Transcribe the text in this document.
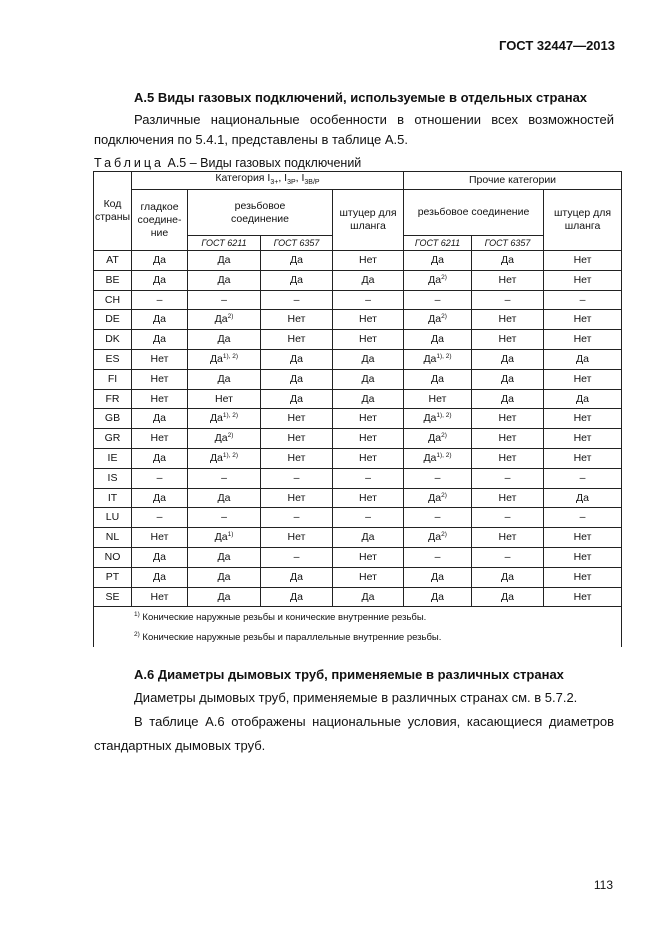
ГОСТ 32447—2013
А.5 Виды газовых подключений, используемые в отдельных странах
Различные национальные особенности в отношении всех возможностей
подключения по 5.4.1, представлены в таблице А.5.
Таблица А.5 – Виды газовых подключений
Код
страны	Категория $I_{3+}$, $I_{3P}$, $I_{3B/P}$				Прочие категории		
	гладкое
соедине-
ние	резьбовое
соединение		штуцер для
шланга	резьбовое соединение		штуцер для
шланга
		ГОСТ 6211	ГОСТ 6357		ГОСТ 6211	ГОСТ 6357	
AT	Да	Да	Да	Нет	Да	Да	Нет
BE	Да	Да	Да	Да	$Да^{2)}$	Нет	Нет
CH	–	–	–	–	–	–	–
DE	Да	$Да^{2)}$	Нет	Нет	$Да^{2)}$	Нет	Нет
DK	Да	Да	Нет	Нет	Да	Нет	Нет
ES	Нет	$Да^{1), 2)}$	Да	Да	$Да^{1), 2)}$	Да	Да
FI	Нет	Да	Да	Да	Да	Да	Нет
FR	Нет	Нет	Да	Да	Нет	Да	Да
GB	Да	$Да^{1), 2)}$	Нет	Нет	$Да^{1), 2)}$	Нет	Нет
GR	Нет	$Да^{2)}$	Нет	Нет	$Да^{2)}$	Нет	Нет
IE	Да	$Да^{1), 2)}$	Нет	Нет	$Да^{1), 2)}$	Нет	Нет
IS	–	–	–	–	–	–	–
IT	Да	Да	Нет	Нет	$Да^{2)}$	Нет	Да
LU	–	–	–	–	–	–	–
NL	Нет	$Да^{1)}$	Нет	Да	$Да^{2)}$	Нет	Нет
NO	Да	Да	–	Нет	–	–	Нет
PT	Да	Да	Да	Нет	Да	Да	Нет
SE	Нет	Да	Да	Да	Да	Да	Нет
$^{1)}$ Конические наружные резьбы и конические внутренние резьбы.							
$^{2)}$ Конические наружные резьбы и параллельные внутренние резьбы.							
А.6 Диаметры дымовых труб, применяемые в различных странах
Диаметры дымовых труб, применяемые в различных странах см. в 5.7.2.
В таблице А.6 отображены национальные условия, касающиеся диаметров
стандартных дымовых труб.
113
